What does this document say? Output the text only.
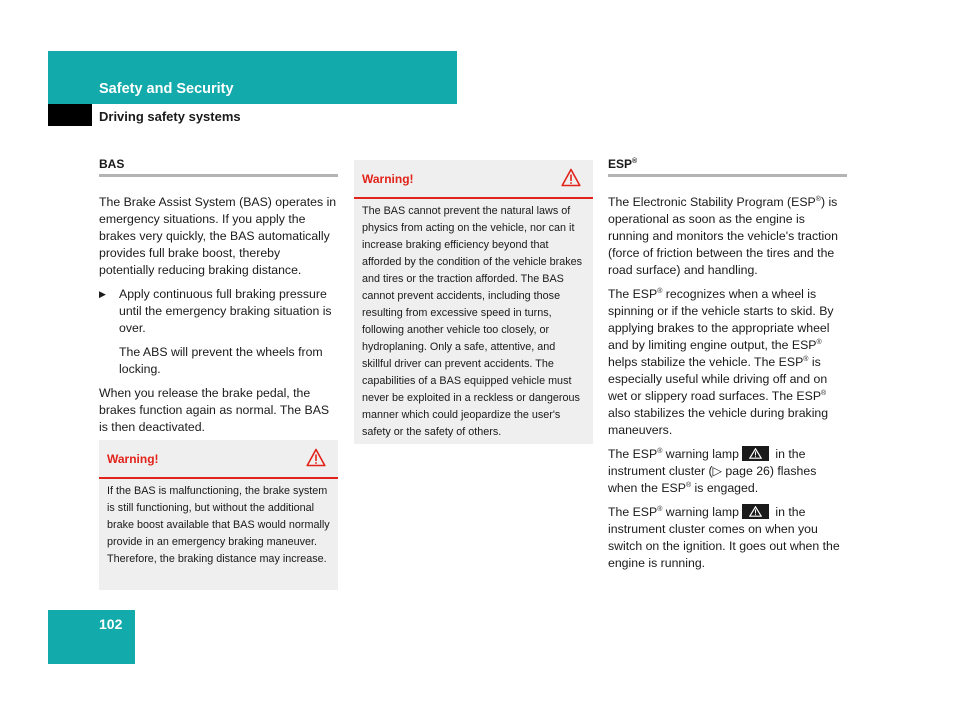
Safety and Security
Driving safety systems
BAS

The Brake Assist System (BAS) operates in emergency situations. If you apply the brakes very quickly, the BAS automatically provides full brake boost, thereby potentially reducing braking distance.

▶ Apply continuous full braking pressure until the emergency braking situation is over.

The ABS will prevent the wheels from locking.

When you release the brake pedal, the brakes function again as normal. The BAS is then deactivated.

Warning!
If the BAS is malfunctioning, the brake system is still functioning, but without the additional brake boost available that BAS would normally provide in an emergency braking maneuver. Therefore, the braking distance may increase.
Warning!
The BAS cannot prevent the natural laws of physics from acting on the vehicle, nor can it increase braking efficiency beyond that afforded by the condition of the vehicle brakes and tires or the traction afforded. The BAS cannot prevent accidents, including those resulting from excessive speed in turns, following another vehicle too closely, or hydroplaning. Only a safe, attentive, and skillful driver can prevent accidents. The capabilities of a BAS equipped vehicle must never be exploited in a reckless or dangerous manner which could jeopardize the user's safety or the safety of others.
ESP®

The Electronic Stability Program (ESP®) is operational as soon as the engine is running and monitors the vehicle's traction (force of friction between the tires and the road surface) and handling.

The ESP® recognizes when a wheel is spinning or if the vehicle starts to skid. By applying brakes to the appropriate wheel and by limiting engine output, the ESP® helps stabilize the vehicle. The ESP® is especially useful while driving off and on wet or slippery road surfaces. The ESP® also stabilizes the vehicle during braking maneuvers.

The ESP® warning lamp	in the instrument cluster (▷ page 26) flashes when the ESP® is engaged.

The ESP® warning lamp	in the instrument cluster comes on when you switch on the ignition. It goes out when the engine is running.

102
